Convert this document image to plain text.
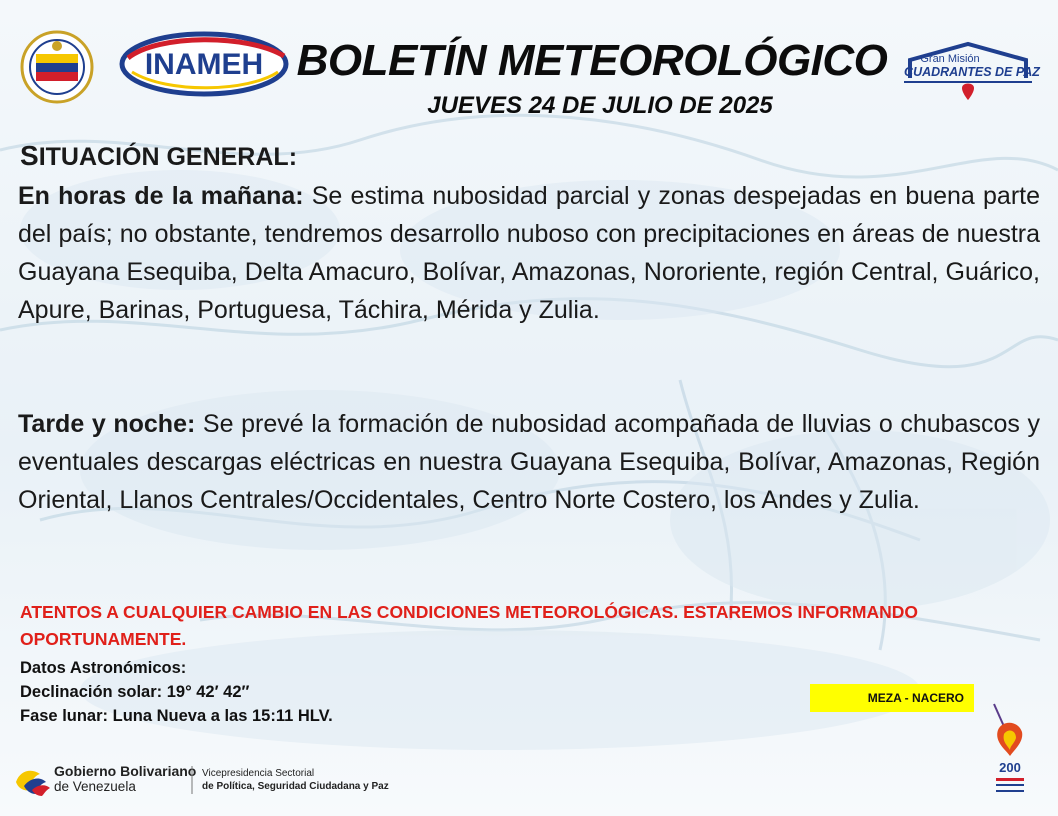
INAMEH BOLETÍN METEOROLÓGICO
JUEVES 24 DE JULIO DE 2025
Gran Misión
CUADRANTES DE PAZ
SITUACIÓN GENERAL:
En horas de la mañana: Se estima nubosidad parcial y zonas despejadas en buena parte del país; no obstante, tendremos desarrollo nuboso con precipitaciones en áreas de nuestra Guayana Esequiba, Delta Amacuro, Bolívar, Amazonas, Nororiente, región Central, Guárico, Apure, Barinas, Portuguesa, Táchira, Mérida y Zulia.
Tarde y noche: Se prevé la formación de nubosidad acompañada de lluvias o chubascos y eventuales descargas eléctricas en nuestra Guayana Esequiba, Bolívar, Amazonas, Región Oriental, Llanos Centrales/Occidentales, Centro Norte Costero, los Andes y Zulia.
ATENTOS A CUALQUIER CAMBIO EN LAS CONDICIONES METEOROLÓGICAS. ESTAREMOS INFORMANDO OPORTUNAMENTE.
Datos Astronómicos:
Declinación solar: 19° 42′ 42″
Fase lunar: Luna Nueva a las 15:11 HLV.
MEZA - NACERO
Gobierno Bolivariano
de Venezuela
Vicepresidencia Sectorial
de Política, Seguridad Ciudadana y Paz
200
